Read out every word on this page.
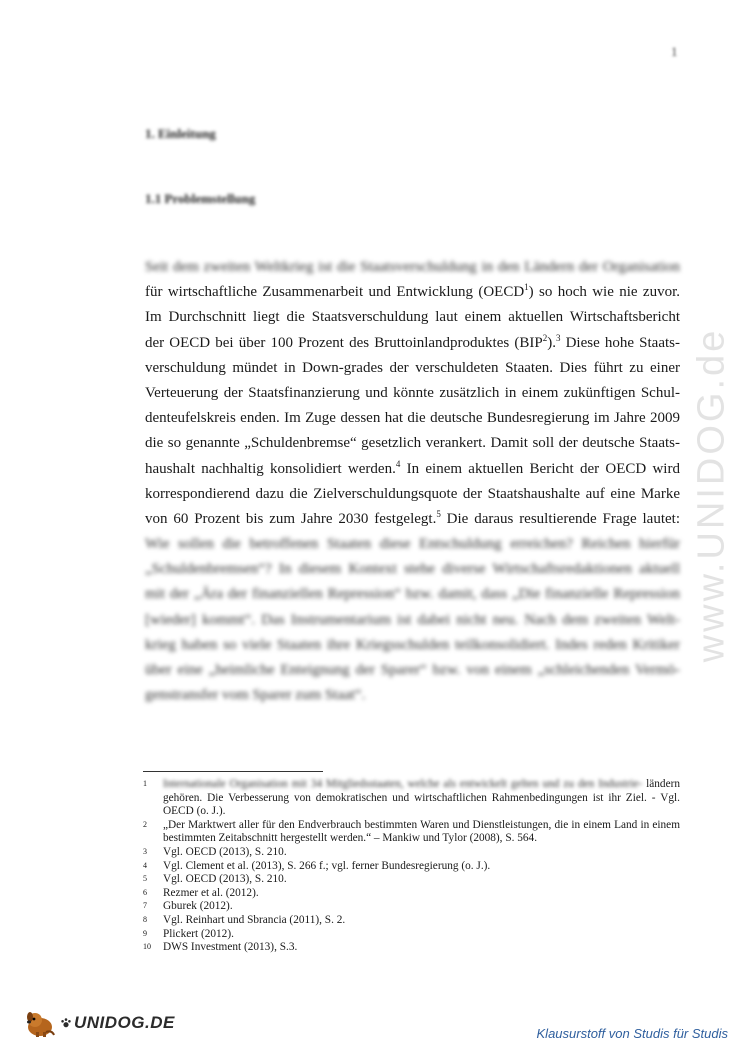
1
1. Einleitung
1.1 Problemstellung
Seit dem zweiten Weltkrieg ist die Staatsverschuldung in den Ländern der Organisation
für wirtschaftliche Zusammenarbeit und Entwicklung (OECD$^1$) so hoch wie nie zuvor.
Im Durchschnitt liegt die Staatsverschuldung laut einem aktuellen Wirtschaftsbericht
der OECD bei über 100 Prozent des Bruttoinlandproduktes (BIP$^2$).$^3$ Diese hohe Staats-
verschuldung mündet in Down-grades der verschuldeten Staaten. Dies führt zu einer
Verteuerung der Staatsfinanzierung und könnte zusätzlich in einem zukünftigen Schul-
denteufelskreis enden. Im Zuge dessen hat die deutsche Bundesregierung im Jahre 2009
die so genannte „Schuldenbremse“ gesetzlich verankert. Damit soll der deutsche Staats-
haushalt nachhaltig konsolidiert werden.$^4$ In einem aktuellen Bericht der OECD wird
korrespondierend dazu die Zielverschuldungsquote der Staatshaushalte auf eine Marke
von 60 Prozent bis zum Jahre 2030 festgelegt.$^5$ Die daraus resultierende Frage lautet:
Wie sollen die betroffenen Staaten diese Entschuldung erreichen? Reichen hierfür
„Schuldenbremsen“? In diesem Kontext stehe diverse Wirtschaftsredaktionen aktuell
mit der „Ära der finanziellen Repression“ bzw. damit, dass „Die finanzielle Repression
[wieder] kommt“. Das Instrumentarium ist dabei nicht neu. Nach dem zweiten Welt-
krieg haben so viele Staaten ihre Kriegsschulden teilkonsolidiert. Indes reden Kritiker
über eine „heimliche Enteignung der Sparer“ bzw. von einem „schleichenden Vermö-
genstransfer vom Sparer zum Staat“.
1	Internationale Organisation mit 34 Mitgliedsstaaten, welche als entwickelt gelten und zu den Industrie- ländern gehören. Die Verbesserung von demokratischen und wirtschaftlichen Rahmenbedingungen ist ihr Ziel. - Vgl. OECD (o. J.).
2	„Der Marktwert aller für den Endverbrauch bestimmten Waren und Dienstleistungen, die in einem Land in einem bestimmten Zeitabschnitt hergestellt werden.“ – Mankiw und Tylor (2008), S. 564.
3	Vgl. OECD (2013), S. 210.
4	Vgl. Clement et al. (2013), S. 266 f.; vgl. ferner Bundesregierung (o. J.).
5	Vgl. OECD (2013), S. 210.
6	Rezmer et al. (2012).
7	Gburek (2012).
8	Vgl. Reinhart und Sbrancia (2011), S. 2.
9	Plickert (2012).
10	DWS Investment (2013), S.3.
www.UNIDOG.de
UNIDOG.DE
Klausurstoff von Studis für Studis
